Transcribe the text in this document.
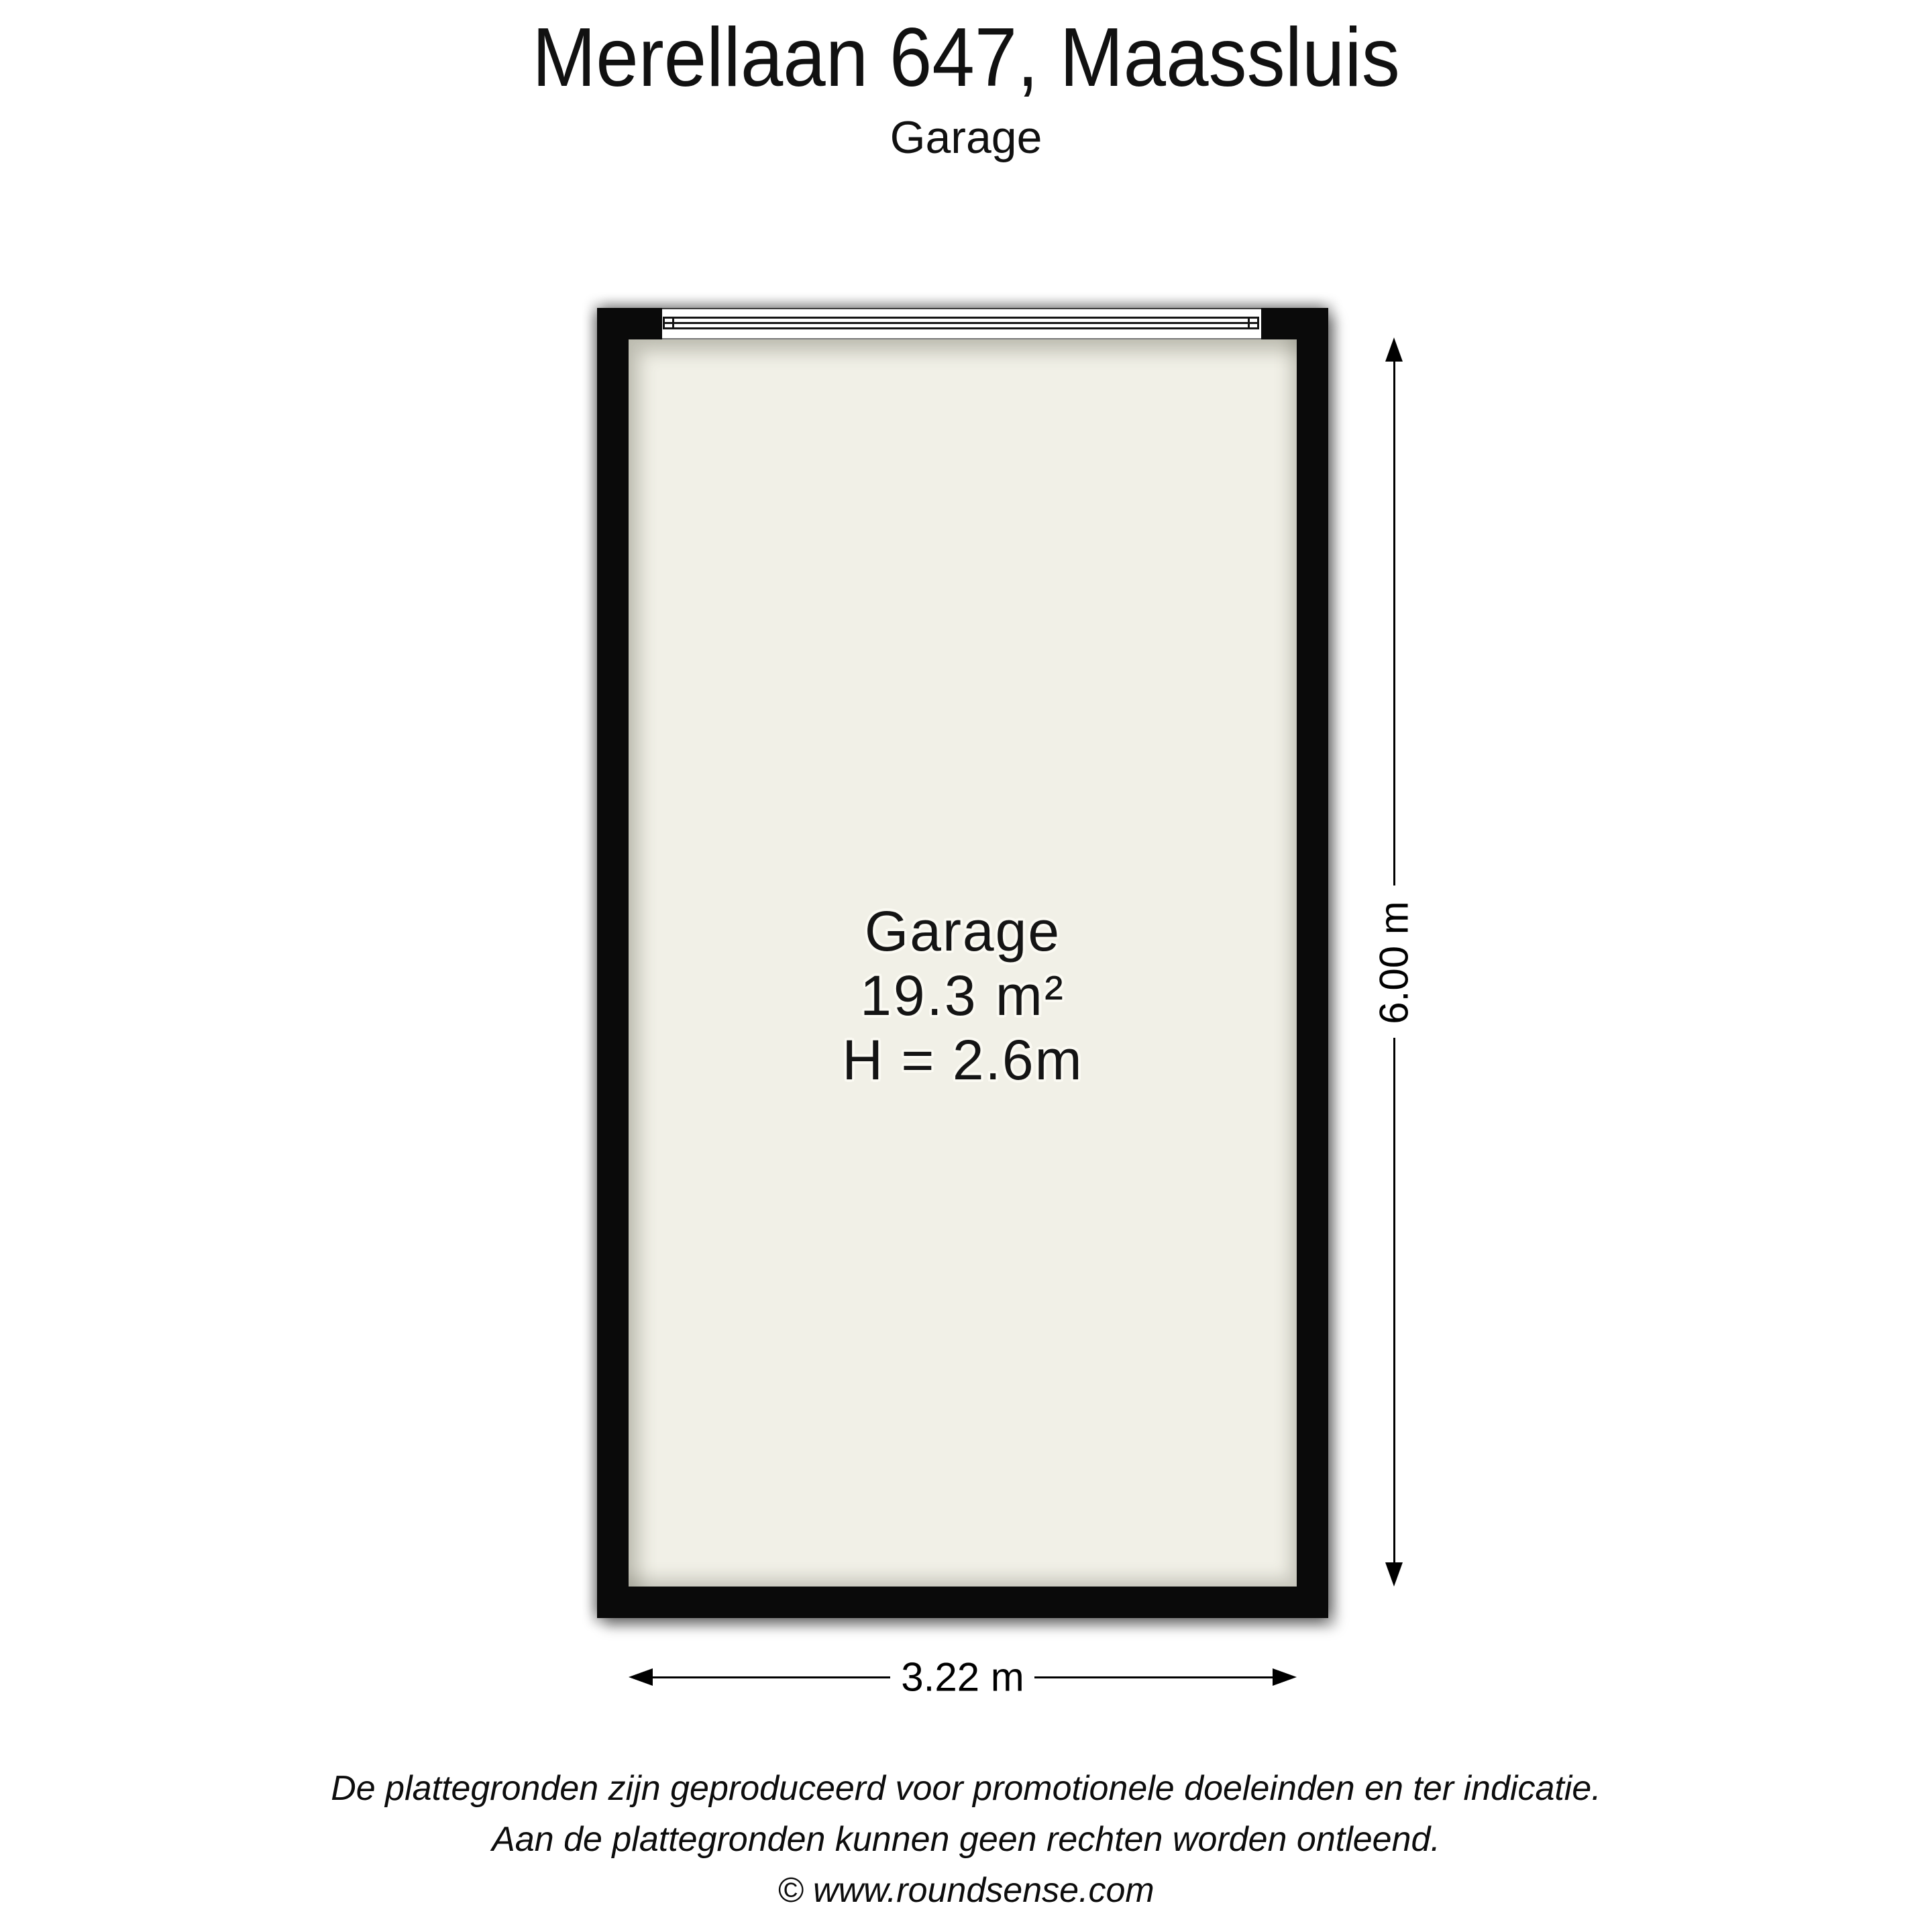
Merellaan 647, Maassluis
Garage
Garage
19.3 m²
H = 2.6m
6.00 m
3.22 m
De plattegronden zijn geproduceerd voor promotionele doeleinden en ter indicatie.
Aan de plattegronden kunnen geen rechten worden ontleend.
© www.roundsense.com
